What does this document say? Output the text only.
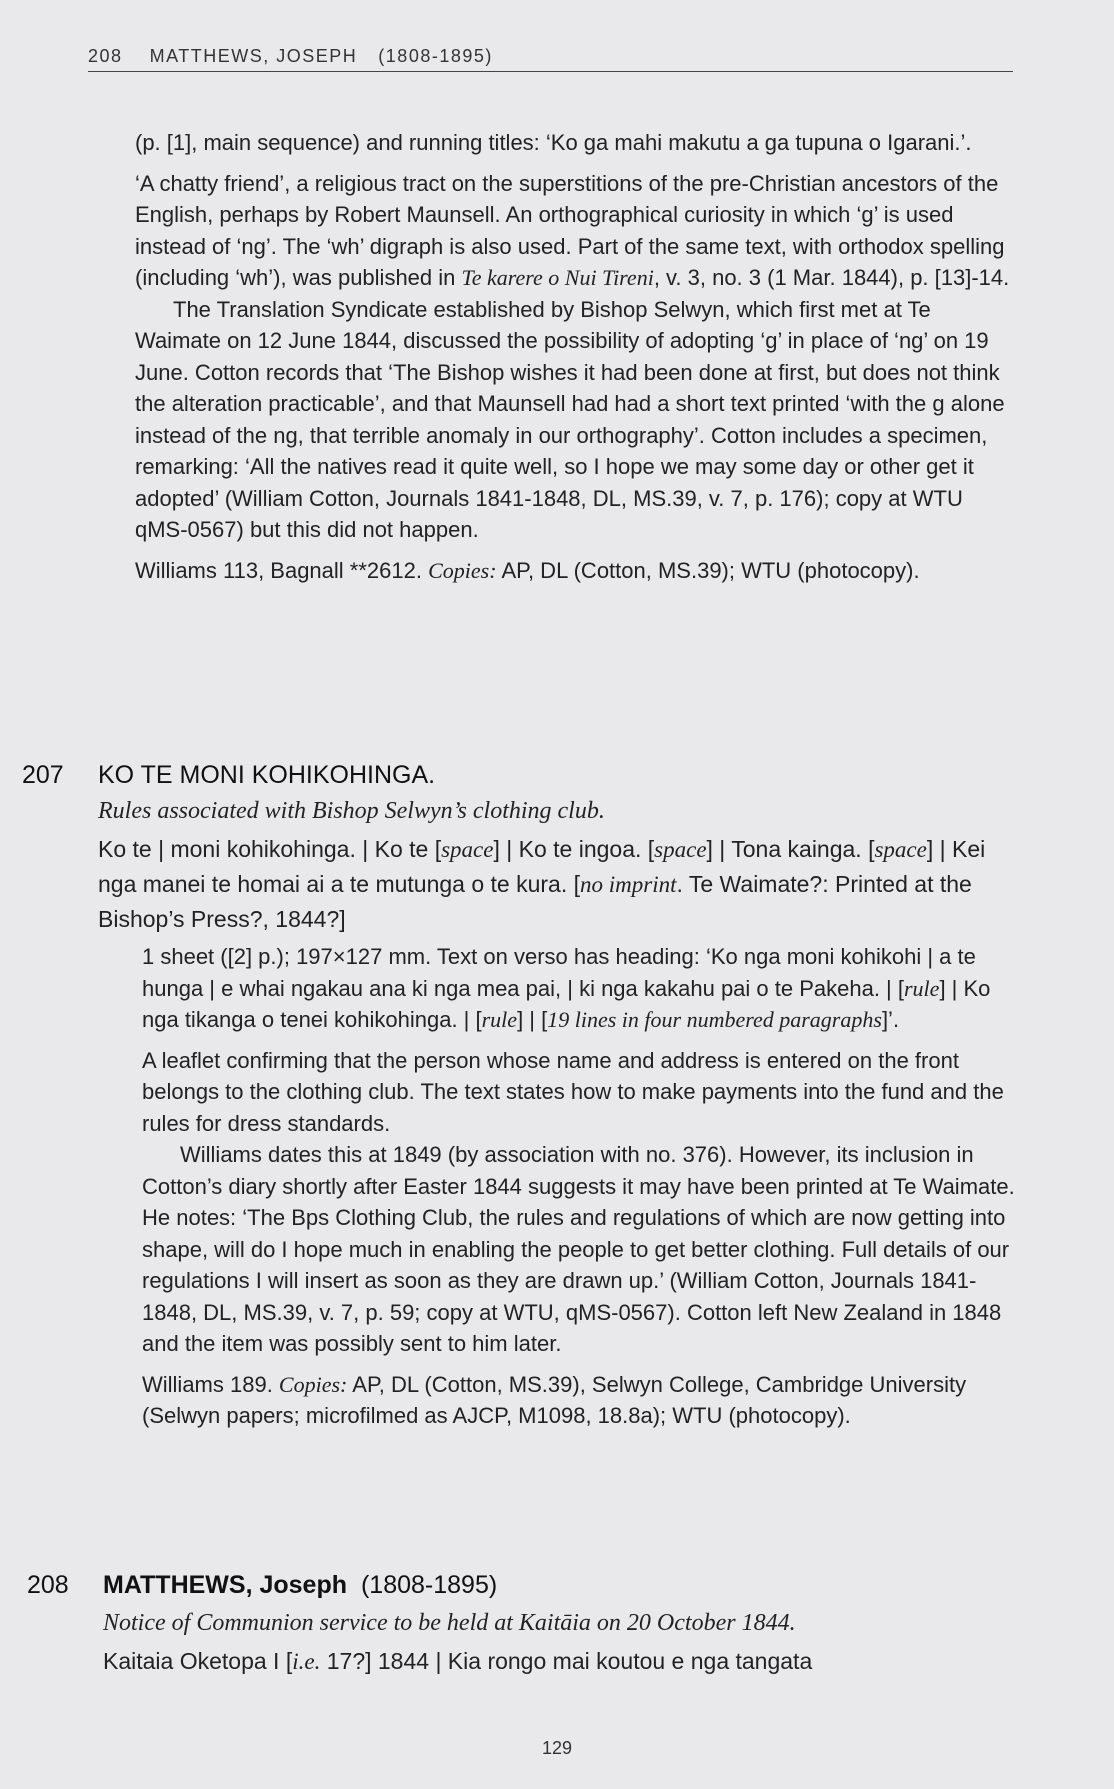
208 MATTHEWS, JOSEPH (1808-1895)

(p. [1], main sequence) and running titles: ‘Ko ga mahi makutu a ga tupuna o Igarani.’.

‘A chatty friend’, a religious tract on the superstitions of the pre-Christian ancestors of the English, perhaps by Robert Maunsell. An orthographical curiosity in which ‘g’ is used instead of ‘ng’. The ‘wh’ digraph is also used. Part of the same text, with orthodox spelling (including ‘wh’), was published in Te karere o Nui Tireni, v. 3, no. 3 (1 Mar. 1844), p. [13]-14.

The Translation Syndicate established by Bishop Selwyn, which first met at Te Waimate on 12 June 1844, discussed the possibility of adopting ‘g’ in place of ‘ng’ on 19 June. Cotton records that ‘The Bishop wishes it had been done at first, but does not think the alteration practicable’, and that Maunsell had had a short text printed ‘with the g alone instead of the ng, that terrible anomaly in our orthography’. Cotton includes a specimen, remarking: ‘All the natives read it quite well, so I hope we may some day or other get it adopted’ (William Cotton, Journals 1841-1848, DL, MS.39, v. 7, p. 176); copy at WTU qMS-0567) but this did not happen.

Williams 113, Bagnall **2612. Copies: AP, DL (Cotton, MS.39); WTU (photocopy).

207 KO TE MONI KOHIKOHINGA.
Rules associated with Bishop Selwyn’s clothing club.
Ko te | moni kohikohinga. | Ko te [space] | Ko te ingoa. [space] | Tona kainga. [space] | Kei nga manei te homai ai a te mutunga o te kura. [no imprint. Te Waimate?: Printed at the Bishop’s Press?, 1844?]

1 sheet ([2] p.); 197×127 mm. Text on verso has heading: ‘Ko nga moni kohikohi | a te hunga | e whai ngakau ana ki nga mea pai, | ki nga kakahu pai o te Pakeha. | [rule] | Ko nga tikanga o tenei kohikohinga. | [rule] | [19 lines in four numbered paragraphs]’.

A leaflet confirming that the person whose name and address is entered on the front belongs to the clothing club. The text states how to make payments into the fund and the rules for dress standards.

Williams dates this at 1849 (by association with no. 376). However, its inclusion in Cotton’s diary shortly after Easter 1844 suggests it may have been printed at Te Waimate. He notes: ‘The Bps Clothing Club, the rules and regulations of which are now getting into shape, will do I hope much in enabling the people to get better clothing. Full details of our regulations I will insert as soon as they are drawn up.’ (William Cotton, Journals 1841-1848, DL, MS.39, v. 7, p. 59; copy at WTU, qMS-0567). Cotton left New Zealand in 1848 and the item was possibly sent to him later.

Williams 189. Copies: AP, DL (Cotton, MS.39), Selwyn College, Cambridge University (Selwyn papers; microfilmed as AJCP, M1098, 18.8a); WTU (photocopy).

208 MATTHEWS, Joseph (1808-1895)
Notice of Communion service to be held at Kaitāia on 20 October 1844.
Kaitaia Oketopa I [i.e. 17?] 1844 | Kia rongo mai koutou e nga tangata
129
